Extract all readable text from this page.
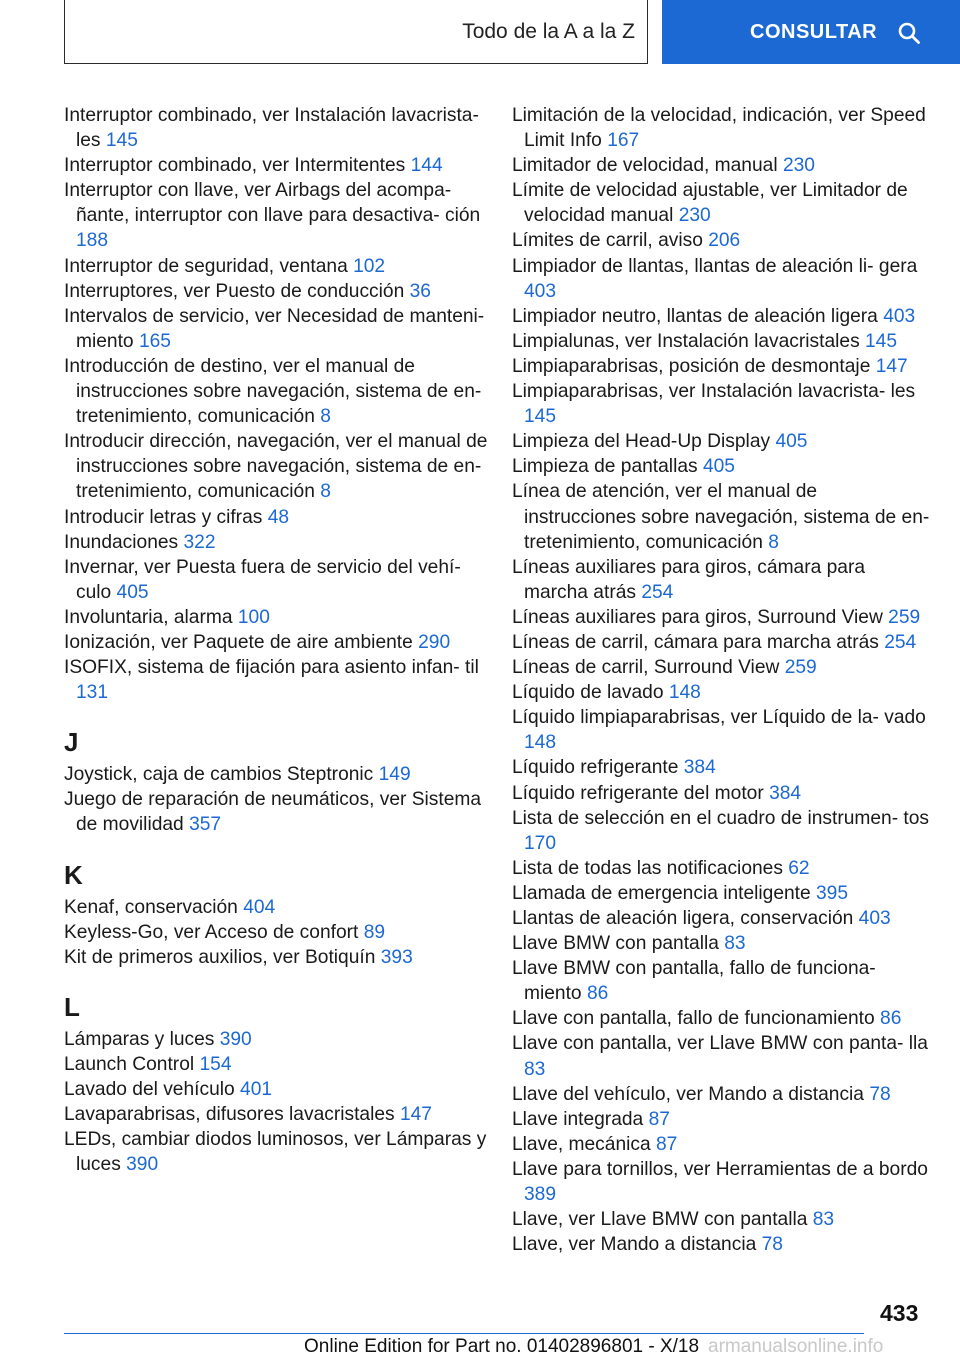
Todo de la A a la Z	CONSULTAR
Interruptor combinado, ver Instalación lavacrista‐ les 145
Interruptor combinado, ver Intermitentes 144
Interruptor con llave, ver Airbags del acompa‐ ñante, interruptor con llave para desactiva‐ ción 188
Interruptor de seguridad, ventana 102
Interruptores, ver Puesto de conducción 36
Intervalos de servicio, ver Necesidad de manteni‐ miento 165
Introducción de destino, ver el manual de instrucciones sobre navegación, sistema de en‐ tretenimiento, comunicación 8
Introducir dirección, navegación, ver el manual de instrucciones sobre navegación, sistema de en‐ tretenimiento, comunicación 8
Introducir letras y cifras 48
Inundaciones 322
Invernar, ver Puesta fuera de servicio del vehí‐ culo 405
Involuntaria, alarma 100
Ionización, ver Paquete de aire ambiente 290
ISOFIX, sistema de fijación para asiento infan‐ til 131
J
Joystick, caja de cambios Steptronic 149
Juego de reparación de neumáticos, ver Sistema de movilidad 357
K
Kenaf, conservación 404
Keyless-Go, ver Acceso de confort 89
Kit de primeros auxilios, ver Botiquín 393
L
Lámparas y luces 390
Launch Control 154
Lavado del vehículo 401
Lavaparabrisas, difusores lavacristales 147
LEDs, cambiar diodos luminosos, ver Lámparas y luces 390
Limitación de la velocidad, indicación, ver Speed Limit Info 167
Limitador de velocidad, manual 230
Límite de velocidad ajustable, ver Limitador de velocidad manual 230
Límites de carril, aviso 206
Limpiador de llantas, llantas de aleación li‐ gera 403
Limpiador neutro, llantas de aleación ligera 403
Limpialunas, ver Instalación lavacristales 145
Limpiaparabrisas, posición de desmontaje 147
Limpiaparabrisas, ver Instalación lavacrista‐ les 145
Limpieza del Head-Up Display 405
Limpieza de pantallas 405
Línea de atención, ver el manual de instrucciones sobre navegación, sistema de en‐ tretenimiento, comunicación 8
Líneas auxiliares para giros, cámara para marcha atrás 254
Líneas auxiliares para giros, Surround View 259
Líneas de carril, cámara para marcha atrás 254
Líneas de carril, Surround View 259
Líquido de lavado 148
Líquido limpiaparabrisas, ver Líquido de la‐ vado 148
Líquido refrigerante 384
Líquido refrigerante del motor 384
Lista de selección en el cuadro de instrumen‐ tos 170
Lista de todas las notificaciones 62
Llamada de emergencia inteligente 395
Llantas de aleación ligera, conservación 403
Llave BMW con pantalla 83
Llave BMW con pantalla, fallo de funciona‐ miento 86
Llave con pantalla, fallo de funcionamiento 86
Llave con pantalla, ver Llave BMW con panta‐ lla 83
Llave del vehículo, ver Mando a distancia 78
Llave integrada 87
Llave, mecánica 87
Llave para tornillos, ver Herramientas de a bordo 389
Llave, ver Llave BMW con pantalla 83
Llave, ver Mando a distancia 78
433
Online Edition for Part no. 01402896801 - X/18 armanualsonline.info
